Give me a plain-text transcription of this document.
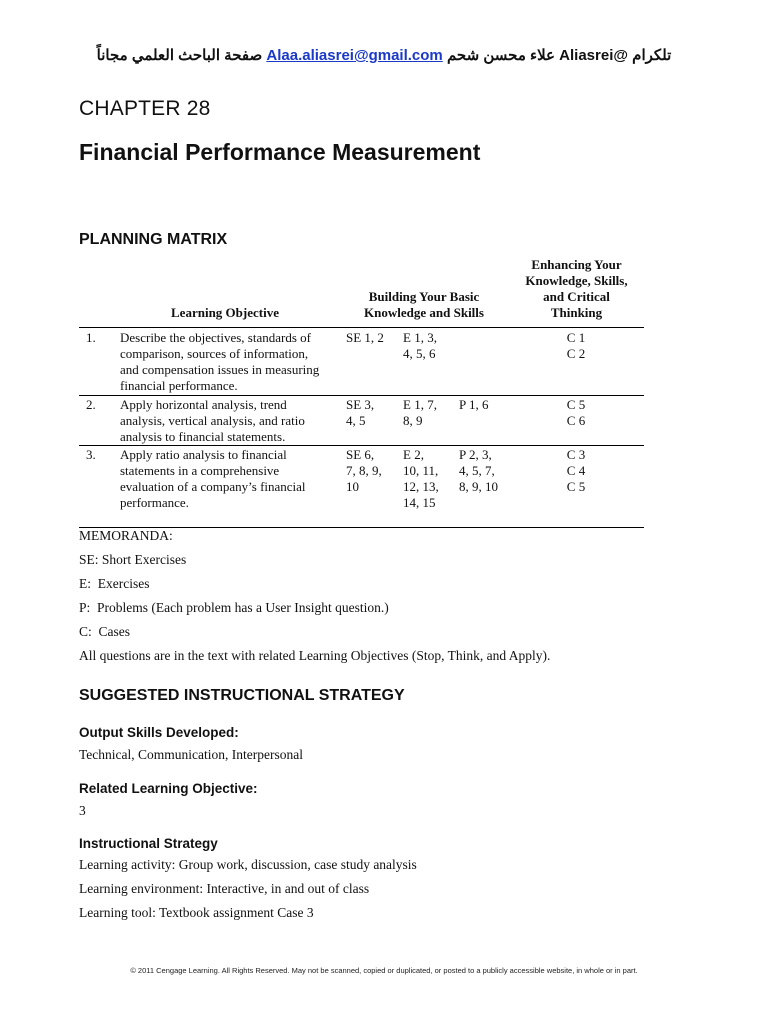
تلكرام @Aliasrei علاء محسن شحم Alaa.aliasrei@gmail.com صفحة الباحث العلمي مجاناً
CHAPTER 28
Financial Performance Measurement
PLANNING MATRIX
Learning Objective
Building Your Basic
Knowledge and Skills
Enhancing Your
Knowledge, Skills,
and Critical
Thinking
1. Describe the objectives, standards of
comparison, sources of information,
and compensation issues in measuring
financial performance.
SE 1, 2	E 1, 3,
4, 5, 6
C 1
C 2
2. Apply horizontal analysis, trend
analysis, vertical analysis, and ratio
analysis to financial statements.
SE 3,
4, 5
E 1, 7,
8, 9
P 1, 6	C 5
C 6
3. Apply ratio analysis to financial
statements in a comprehensive
evaluation of a company’s financial
performance.
SE 6,
7, 8, 9,
10
E 2,
10, 11,
12, 13,
14, 15
P 2, 3,
4, 5, 7,
8, 9, 10
C 3
C 4
C 5
MEMORANDA:
SE: Short Exercises
E:  Exercises
P:  Problems (Each problem has a User Insight question.)
C:  Cases
All questions are in the text with related Learning Objectives (Stop, Think, and Apply).
SUGGESTED INSTRUCTIONAL STRATEGY
Output Skills Developed:
Technical, Communication, Interpersonal
Related Learning Objective:
3
Instructional Strategy
Learning activity: Group work, discussion, case study analysis
Learning environment: Interactive, in and out of class
Learning tool: Textbook assignment Case 3
© 2011 Cengage Learning. All Rights Reserved. May not be scanned, copied or duplicated, or posted to a publicly accessible website, in whole or in part.
